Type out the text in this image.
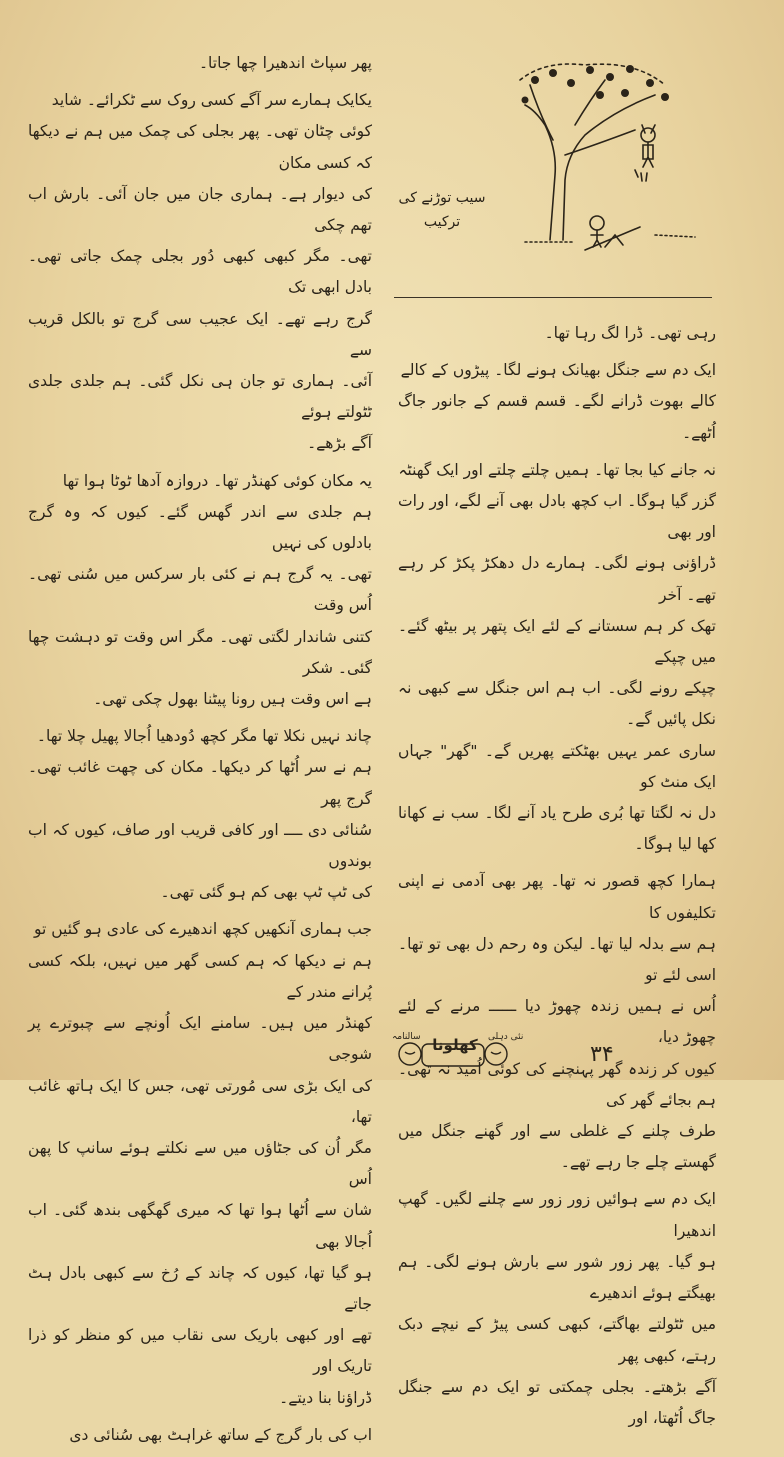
پھر سپاٹ اندھیرا چھا جاتا۔

یکایک ہمارے سر آگے کسی روک سے ٹکرائے۔ شاید

کوئی چٹان تھی۔ پھر بجلی کی چمک میں ہم نے دیکھا کہ کسی مکان

کی دیوار ہے۔ ہماری جان میں جان آئی۔ بارش اب تھم چکی

تھی۔ مگر کبھی کبھی دُور بجلی چمک جاتی تھی۔ بادل ابھی تک

گرج رہے تھے۔ ایک عجیب سی گرج تو بالکل قریب سے

آئی۔ ہماری تو جان ہی نکل گئی۔ ہم جلدی جلدی ٹٹولتے ہوئے

آگے بڑھے۔

یہ مکان کوئی کھنڈر تھا۔ دروازہ آدھا ٹوٹا ہوا تھا

ہم جلدی سے اندر گھس گئے۔ کیوں کہ وہ گرج بادلوں کی نہیں

تھی۔ یہ گرج ہم نے کئی بار سرکس میں سُنی تھی۔ اُس وقت

کتنی شاندار لگتی تھی۔ مگر اس وقت تو دہشت چھا گئی۔ شکر

ہے اس وقت ہیں رونا پیٹنا بھول چکی تھی۔

چاند نہیں نکلا تھا مگر کچھ دُودھیا اُجالا پھیل چلا تھا۔

ہم نے سر اُٹھا کر دیکھا۔ مکان کی چھت غائب تھی۔ گرج پھر

سُنائی دی ــــ اور کافی قریب اور صاف، کیوں کہ اب بوندوں

کی ٹپ ٹپ بھی کم ہو گئی تھی۔

جب ہماری آنکھیں کچھ اندھیرے کی عادی ہو گئیں تو

ہم نے دیکھا کہ ہم کسی گھر میں نہیں، بلکہ کسی پُرانے مندر کے

کھنڈر میں ہیں۔ سامنے ایک اُونچے سے چبوترے پر شوجی

کی ایک بڑی سی مُورتی تھی، جس کا ایک ہاتھ غائب تھا،

مگر اُن کی جٹاؤں میں سے نکلتے ہوئے سانپ کا پھن اُس

شان سے اُٹھا ہوا تھا کہ میری گھگھی بندھ گئی۔ اب اُجالا بھی

ہو گیا تھا، کیوں کہ چاند کے رُخ سے کبھی بادل ہٹ جاتے

تھے اور کبھی باریک سی نقاب میں کو منظر کو ذرا تاریک اور

ڈراؤنا بنا دیتے۔

اب کی بار گرج کے ساتھ غراہٹ بھی سُنائی دی

سیب توڑنے کی
ترکیب

رہی تھی۔ ڈرا لگ رہا تھا۔

ایک دم سے جنگل بھیانک ہونے لگا۔ پیڑوں کے کالے

کالے بھوت ڈرانے لگے۔ قسم قسم کے جانور جاگ اُٹھے۔

نہ جانے کیا بجا تھا۔ ہمیں چلتے چلتے اور ایک گھنٹہ

گزر گیا ہوگا۔ اب کچھ بادل بھی آنے لگے، اور رات اور بھی

ڈراؤنی ہونے لگی۔ ہمارے دل دھکڑ پکڑ کر رہے تھے۔ آخر

تھک کر ہم سستانے کے لئے ایک پتھر پر بیٹھ گئے۔ میں چپکے

چپکے رونے لگی۔ اب ہم اس جنگل سے کبھی نہ نکل پائیں گے۔

ساری عمر یہیں بھٹکتے پھریں گے۔ "گھر" جہاں ایک منٹ کو

دل نہ لگتا تھا بُری طرح یاد آنے لگا۔ سب نے کھانا کھا لیا ہوگا۔

ہمارا کچھ قصور نہ تھا۔ پھر بھی آدمی نے اپنی تکلیفوں کا

ہم سے بدلہ لیا تھا۔ لیکن وہ رحم دل بھی تو تھا۔ اسی لئے تو

اُس نے ہمیں زندہ چھوڑ دیا ــــــ مرنے کے لئے چھوڑ دیا،

کیوں کر زندہ گھر پہنچنے کی کوئی اُمید نہ تھی۔ ہم بجائے گھر کی

طرف چلنے کے غلطی سے اور گھنے جنگل میں گھستے چلے جا رہے تھے۔

ایک دم سے ہوائیں زور زور سے چلنے لگیں۔ گھپ اندھیرا

ہو گیا۔ پھر زور شور سے بارش ہونے لگی۔ ہم بھیگتے ہوئے اندھیرے

میں ٹٹولتے بھاگتے، کبھی کسی پیڑ کے نیچے دبک رہتے، کبھی پھر

آگے بڑھتے۔ بجلی چمکتی تو ایک دم سے جنگل جاگ اُٹھتا، اور

سالنامہ کھلونا	نئی دہلی
۳۴
